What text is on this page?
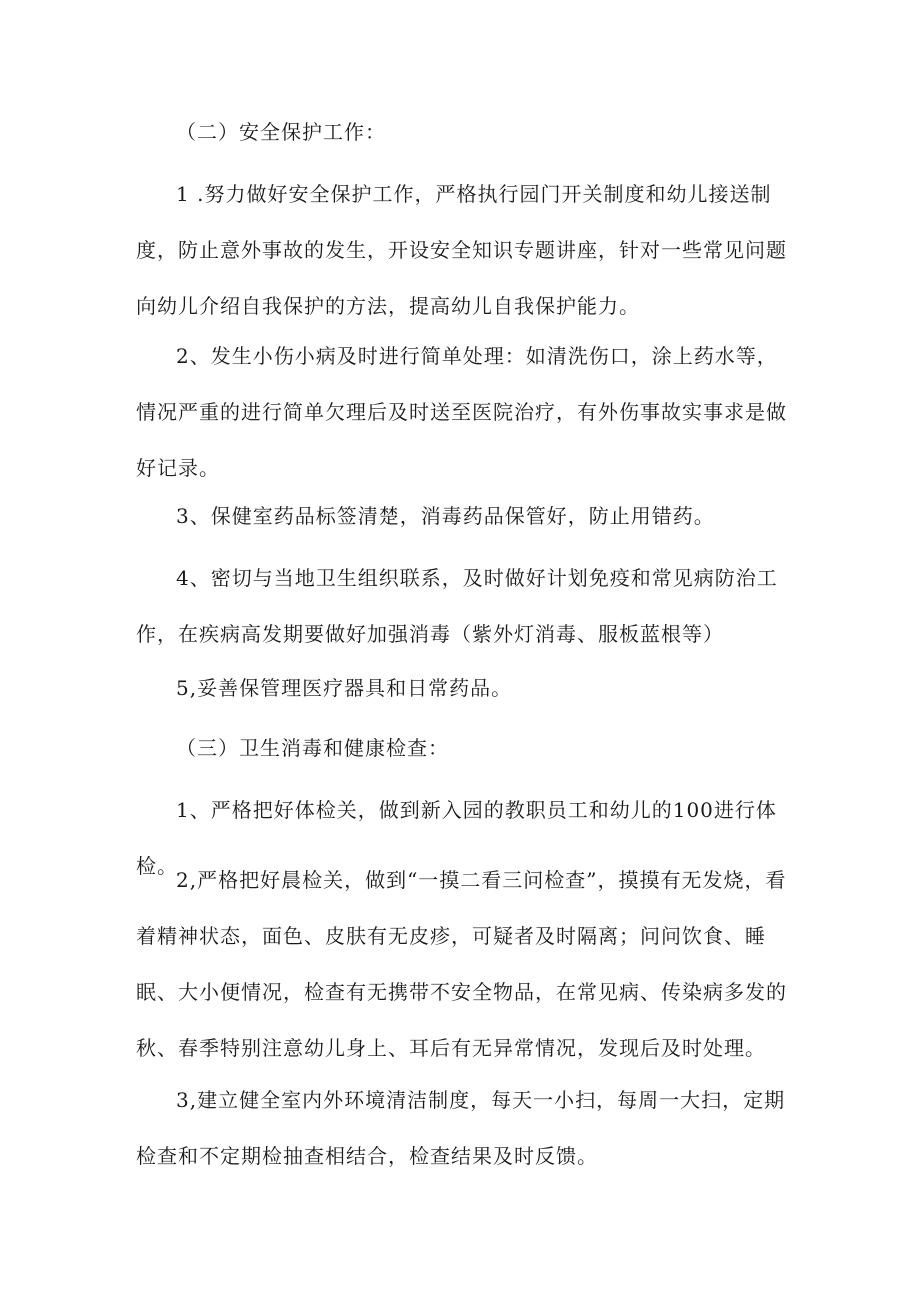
（二）安全保护工作：

1 .努力做好安全保护工作，严格执行园门开关制度和幼儿接送制度，防止意外事故的发生，开设安全知识专题讲座，针对一些常见问题向幼儿介绍自我保护的方法，提高幼儿自我保护能力。

2、发生小伤小病及时进行简单处理：如清洗伤口，涂上药水等，情况严重的进行简单欠理后及时送至医院治疗，有外伤事故实事求是做好记录。

3、保健室药品标签清楚，消毒药品保管好，防止用错药。

4、密切与当地卫生组织联系，及时做好计划免疫和常见病防治工作，在疾病高发期要做好加强消毒（紫外灯消毒、服板蓝根等）

5,妥善保管理医疗器具和日常药品。

（三）卫生消毒和健康检查：

1、严格把好体检关，做到新入园的教职员工和幼儿的100进行体检。

2,严格把好晨检关，做到“一摸二看三问检查”，摸摸有无发烧，看着精神状态，面色、皮肤有无皮疹，可疑者及时隔离；问问饮食、睡眠、大小便情况，检查有无携带不安全物品，在常见病、传染病多发的秋、春季特别注意幼儿身上、耳后有无异常情况，发现后及时处理。

3,建立健全室内外环境清洁制度，每天一小扫，每周一大扫，定期检查和不定期检抽查相结合，检查结果及时反馈。
